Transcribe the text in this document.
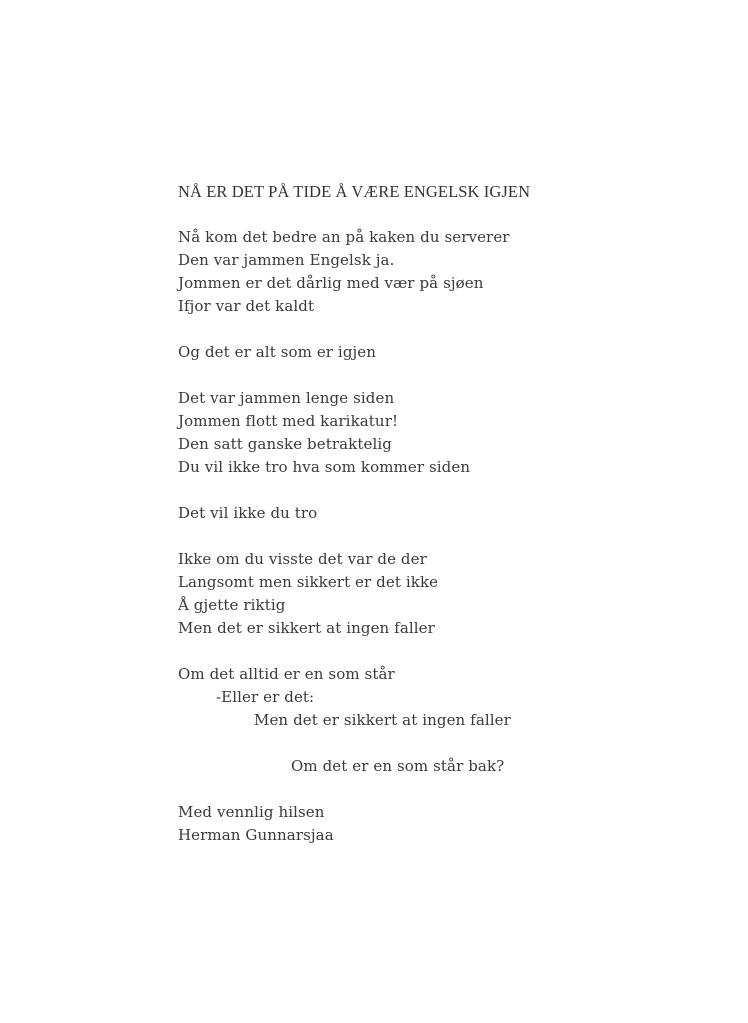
NÅ ER DET PÅ TIDE Å VÆRE ENGELSK IGJEN
Nå kom det bedre an på kaken du serverer
Den var jammen Engelsk ja.
Jommen er det dårlig med vær på sjøen
Ifjor var det kaldt
Og det er alt som er igjen
Det var jammen lenge siden
Jommen flott med karikatur!
Den satt ganske betraktelig
Du vil ikke tro hva som kommer siden
Det vil ikke du tro
Ikke om du visste det var de der
Langsomt men sikkert er det ikke
Å gjette riktig
Men det er sikkert at ingen faller
Om det alltid er en som står
-Eller er det:
Men det er sikkert at ingen faller
Om det er en som står bak?
Med vennlig hilsen
Herman Gunnarsjaa
